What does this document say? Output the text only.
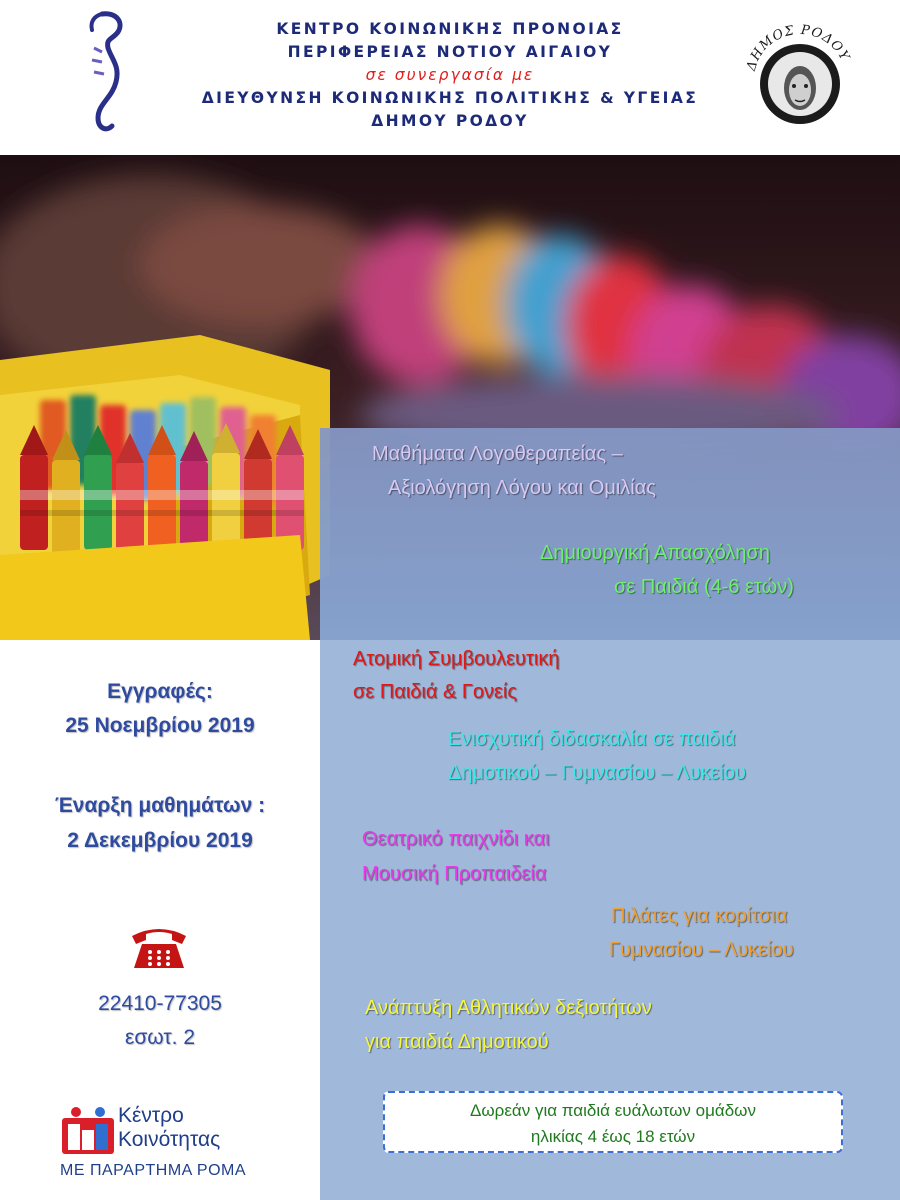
ΚΕΝΤΡΟ ΚΟΙΝΩΝΙΚΗΣ ΠΡΟΝΟΙΑΣ
ΠΕΡΙΦΕΡΕΙΑΣ ΝΟΤΙΟΥ ΑΙΓΑΙΟΥ
σε συνεργασία με
ΔΙΕΥΘΥΝΣΗ ΚΟΙΝΩΝΙΚΗΣ ΠΟΛΙΤΙΚΗΣ & ΥΓΕΙΑΣ
ΔΗΜΟΥ ΡΟΔΟΥ
ΔΗΜΟΣ ΡΟΔΟΥ
Μαθήματα Λογοθεραπείας –
Αξιολόγηση Λόγου και Ομιλίας
Δημιουργική Απασχόληση
σε Παιδιά (4-6 ετών)
Ατομική Συμβουλευτική
σε Παιδιά & Γονείς
Ενισχυτική διδασκαλία σε παιδιά
Δημοτικού – Γυμνασίου – Λυκείου
Θεατρικό παιχνίδι και
Μουσική Προπαιδεία
Πιλάτες για κορίτσια
Γυμνασίου – Λυκείου
Ανάπτυξη Αθλητικών δεξιοτήτων
για παιδιά Δημοτικού
Δωρεάν για παιδιά ευάλωτων ομάδων
ηλικίας 4 έως 18 ετών
Εγγραφές:
25 Νοεμβρίου 2019
Έναρξη μαθημάτων :
2 Δεκεμβρίου 2019
22410-77305
εσωτ. 2
Κέντρο
Κοινότητας
ΜΕ ΠΑΡΑΡΤΗΜΑ ΡΟΜΑ
